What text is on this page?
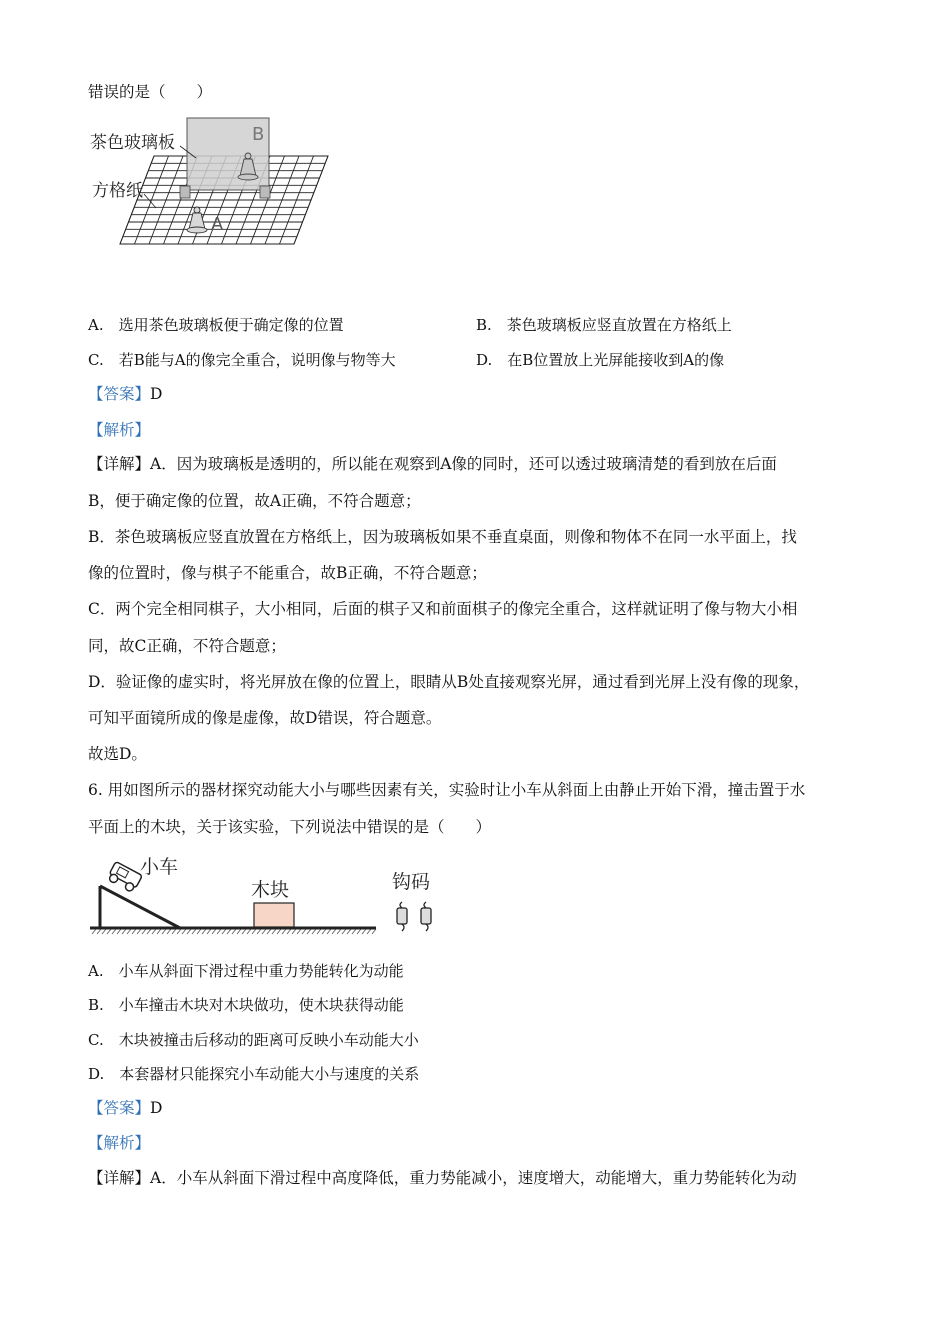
错误的是（　　）
茶色玻璃板
方格纸
B
A
A.　选用茶色玻璃板便于确定像的位置	B.　茶色玻璃板应竖直放置在方格纸上
C.　若B能与A的像完全重合，说明像与物等大	D.　在B位置放上光屏能接收到A的像
【答案】D
【解析】
【详解】A．因为玻璃板是透明的，所以能在观察到A像的同时，还可以透过玻璃清楚的看到放在后面
B，便于确定像的位置，故A正确，不符合题意；
B．茶色玻璃板应竖直放置在方格纸上，因为玻璃板如果不垂直桌面，则像和物体不在同一水平面上，找
像的位置时，像与棋子不能重合，故B正确，不符合题意；
C．两个完全相同棋子，大小相同，后面的棋子又和前面棋子的像完全重合，这样就证明了像与物大小相
同，故C正确，不符合题意；
D．验证像的虚实时，将光屏放在像的位置上，眼睛从B处直接观察光屏，通过看到光屏上没有像的现象，
可知平面镜所成的像是虚像，故D错误，符合题意。
故选D。
6. 用如图所示的器材探究动能大小与哪些因素有关，实验时让小车从斜面上由静止开始下滑，撞击置于水
平面上的木块，关于该实验，下列说法中错误的是（　　）
小车
木块	钩码
A.　小车从斜面下滑过程中重力势能转化为动能
B.　小车撞击木块对木块做功，使木块获得动能
C.　木块被撞击后移动的距离可反映小车动能大小
D.　本套器材只能探究小车动能大小与速度的关系
【答案】D
【解析】
【详解】A．小车从斜面下滑过程中高度降低，重力势能减小，速度增大，动能增大，重力势能转化为动
